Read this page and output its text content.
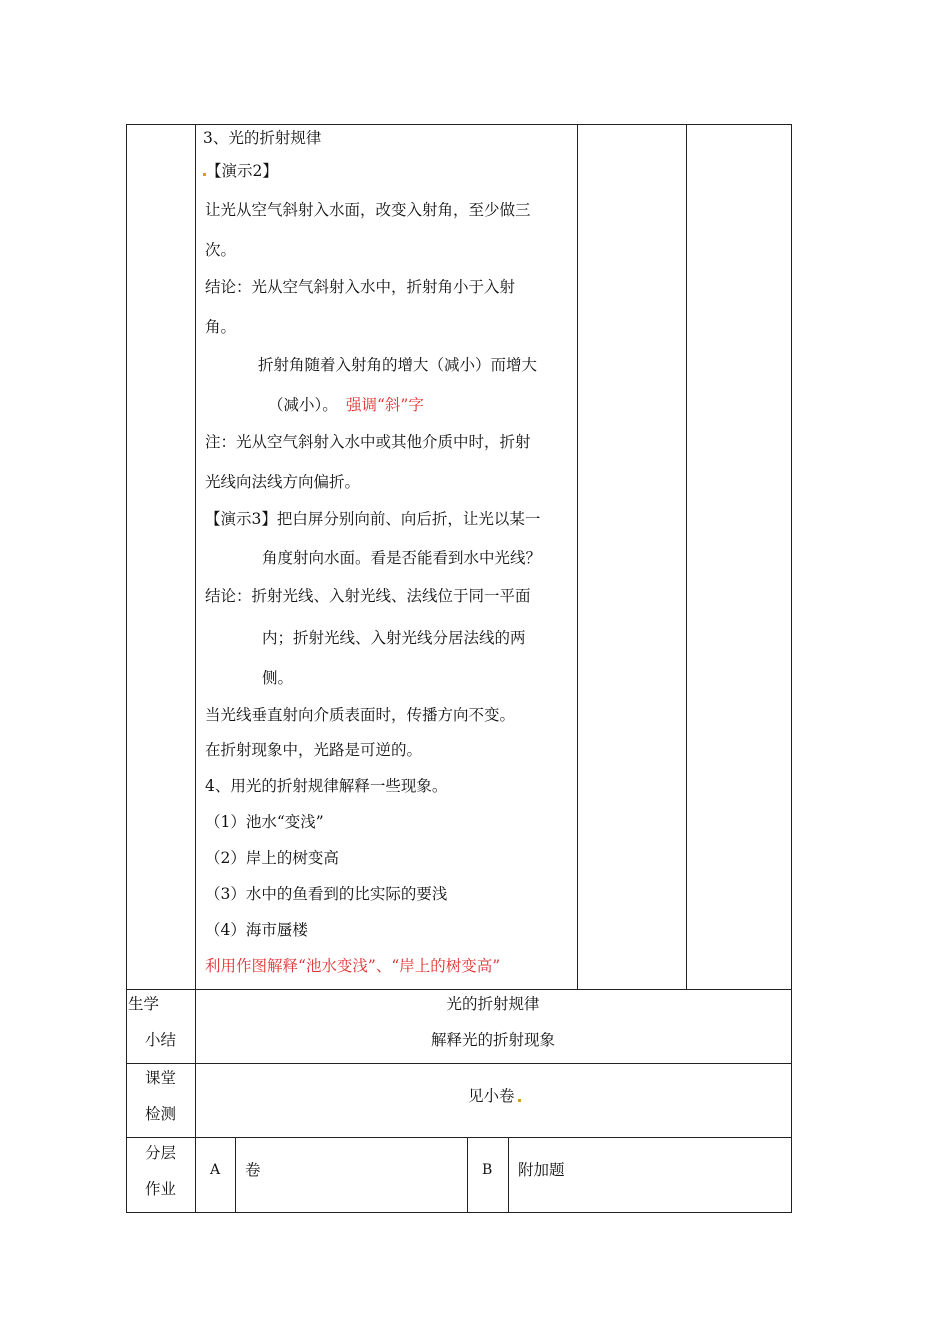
3、光的折射规律
【演示2】
让光从空气斜射入水面，改变入射角，至少做三
次。
结论：光从空气斜射入水中，折射角小于入射
角。
折射角随着入射角的增大（减小）而增大
（减小）。 强调“斜”字
注：光从空气斜射入水中或其他介质中时，折射
光线向法线方向偏折。
【演示3】把白屏分别向前、向后折，让光以某一
角度射向水面。看是否能看到水中光线？
结论：折射光线、入射光线、法线位于同一平面
内；折射光线、入射光线分居法线的两
侧。
当光线垂直射向介质表面时，传播方向不变。
在折射现象中，光路是可逆的。
4、用光的折射规律解释一些现象。
（1）池水“变浅”
（2）岸上的树变高
（3）水中的鱼看到的比实际的要浅
（4）海市蜃楼
利用作图解释“池水变浅”、“岸上的树变高”
生学
小结
光的折射规律
解释光的折射现象
课堂
检测
见小卷
分层
作业
A 卷	B 附加题
